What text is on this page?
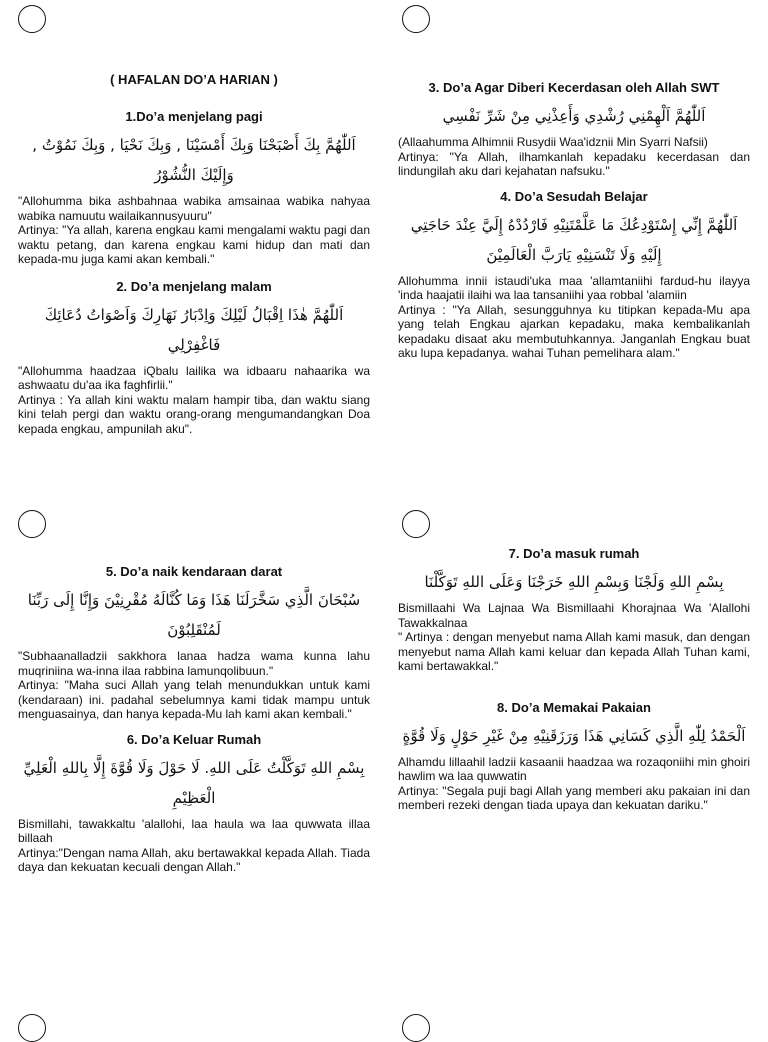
( HAFALAN DO’A HARIAN )

1.Do’a menjelang pagi

اَللّٰهُمَّ بِكَ أَصْبَحْنَا وَبِكَ أَمْسَيْنَا , وَبِكَ نَحْيَا , وَبِكَ نَمُوْتُ , وَإِلَيْكَ النُّشُوْرُ

"Allohumma bika ashbahnaa wabika amsainaa wabika nahyaa wabika namuutu wailaikannusyuuru"

Artinya: "Ya allah, karena engkau kami mengalami waktu pagi dan waktu petang, dan karena engkau kami hidup dan mati dan kepada-mu juga kami akan kembali."

2. Do’a menjelang malam

اَللّٰهُمَّ هٰذَا اِقْبَالُ لَيْلِكَ وَاِدْبَارُ نَهَارِكَ وَاَصْوَاتُ دُعَائِكَ فَاغْفِرْلِي

"Allohumma haadzaa iQbalu lailika wa idbaaru nahaarika wa ashwaatu du'aa ika faghfirlii."

Artinya : Ya allah kini waktu malam hampir tiba, dan waktu siang kini telah pergi dan waktu orang-orang mengumandangkan Doa kepada engkau, ampunilah aku".

3. Do’a Agar Diberi Kecerdasan oleh Allah SWT

اَللّٰهُمَّ اَلْهِمْنِي رُشْدِي وَأَعِذْنِي مِنْ شَرِّ نَفْسِي

(Allaahumma Alhimnii Rusydii Waa'idznii Min Syarri Nafsii)

Artinya: "Ya Allah, ilhamkanlah kepadaku kecerdasan dan lindungilah aku dari kejahatan nafsuku."

4. Do’a Sesudah Belajar

اَللّٰهُمَّ إِنِّي إِسْتَوْدِعُكَ مَا عَلَّمْتَنِيْهِ فَارْدُدْهُ إِلَيَّ عِنْدَ حَاجَتِي إِلَيْهِ وَلَا تَنْسَنِيْهِ يَارَبَّ الْعَالَمِيْنَ

Allohumma innii istaudi'uka maa 'allamtaniihi fardud-hu ilayya 'inda haajatii ilaihi wa laa tansaniihi yaa robbal 'alamiin

Artinya : "Ya Allah, sesungguhnya ku titipkan kepada-Mu apa yang telah Engkau ajarkan kepadaku, maka kembalikanlah kepadaku disaat aku membutuhkannya. Janganlah Engkau buat aku lupa kepadanya. wahai Tuhan pemelihara alam."

5. Do’a naik kendaraan darat

سُبْحَانَ الَّذِي سَخَّرَلَنَا هَذَا وَمَا كُنَّالَهُ مُقْرِنِيْنَ وَإِنَّا إِلَى رَبِّنَا لَمُنْقَلِبُوْنَ

"Subhaanalladzii sakkhora lanaa hadza wama kunna lahu muqriniina wa-inna ilaa rabbina lamunqolibuun."

Artinya: "Maha suci Allah yang telah menundukkan untuk kami (kendaraan) ini. padahal sebelumnya kami tidak mampu untuk menguasainya, dan hanya kepada-Mu lah kami akan kembali."

6. Do’a Keluar Rumah

بِسْمِ اللهِ تَوَكَّلْتُ عَلَى اللهِ. لَا حَوْلَ وَلَا قُوَّةَ إِلَّا بِاللهِ الْعَلِيِّ الْعَظِيْمِ

Bismillahi, tawakkaltu 'alallohi, laa haula wa laa quwwata illaa billaah

Artinya:"Dengan nama Allah, aku bertawakkal kepada Allah. Tiada daya dan kekuatan kecuali dengan Allah."

7. Do’a masuk rumah

بِسْمِ اللهِ وَلَجْنَا وَبِسْمِ اللهِ خَرَجْنَا وَعَلَى اللهِ تَوَكَّلْنَا

Bismillaahi Wa Lajnaa Wa Bismillaahi Khorajnaa Wa 'Alallohi Tawakkalnaa

" Artinya : dengan menyebut nama Allah kami masuk, dan dengan menyebut nama Allah kami keluar dan kepada Allah Tuhan kami, kami bertawakkal."

8. Do’a Memakai Pakaian

اَلْحَمْدُ لِلّٰهِ الَّذِي كَسَانِي هَذَا وَرَزَقَنِيْهِ مِنْ غَيْرِ حَوْلٍ وَلَا قُوَّةٍ

Alhamdu lillaahil ladzii kasaanii haadzaa wa rozaqoniihi min ghoiri hawlim wa laa quwwatin

Artinya: "Segala puji bagi Allah yang memberi aku pakaian ini dan memberi rezeki dengan tiada upaya dan kekuatan dariku."
